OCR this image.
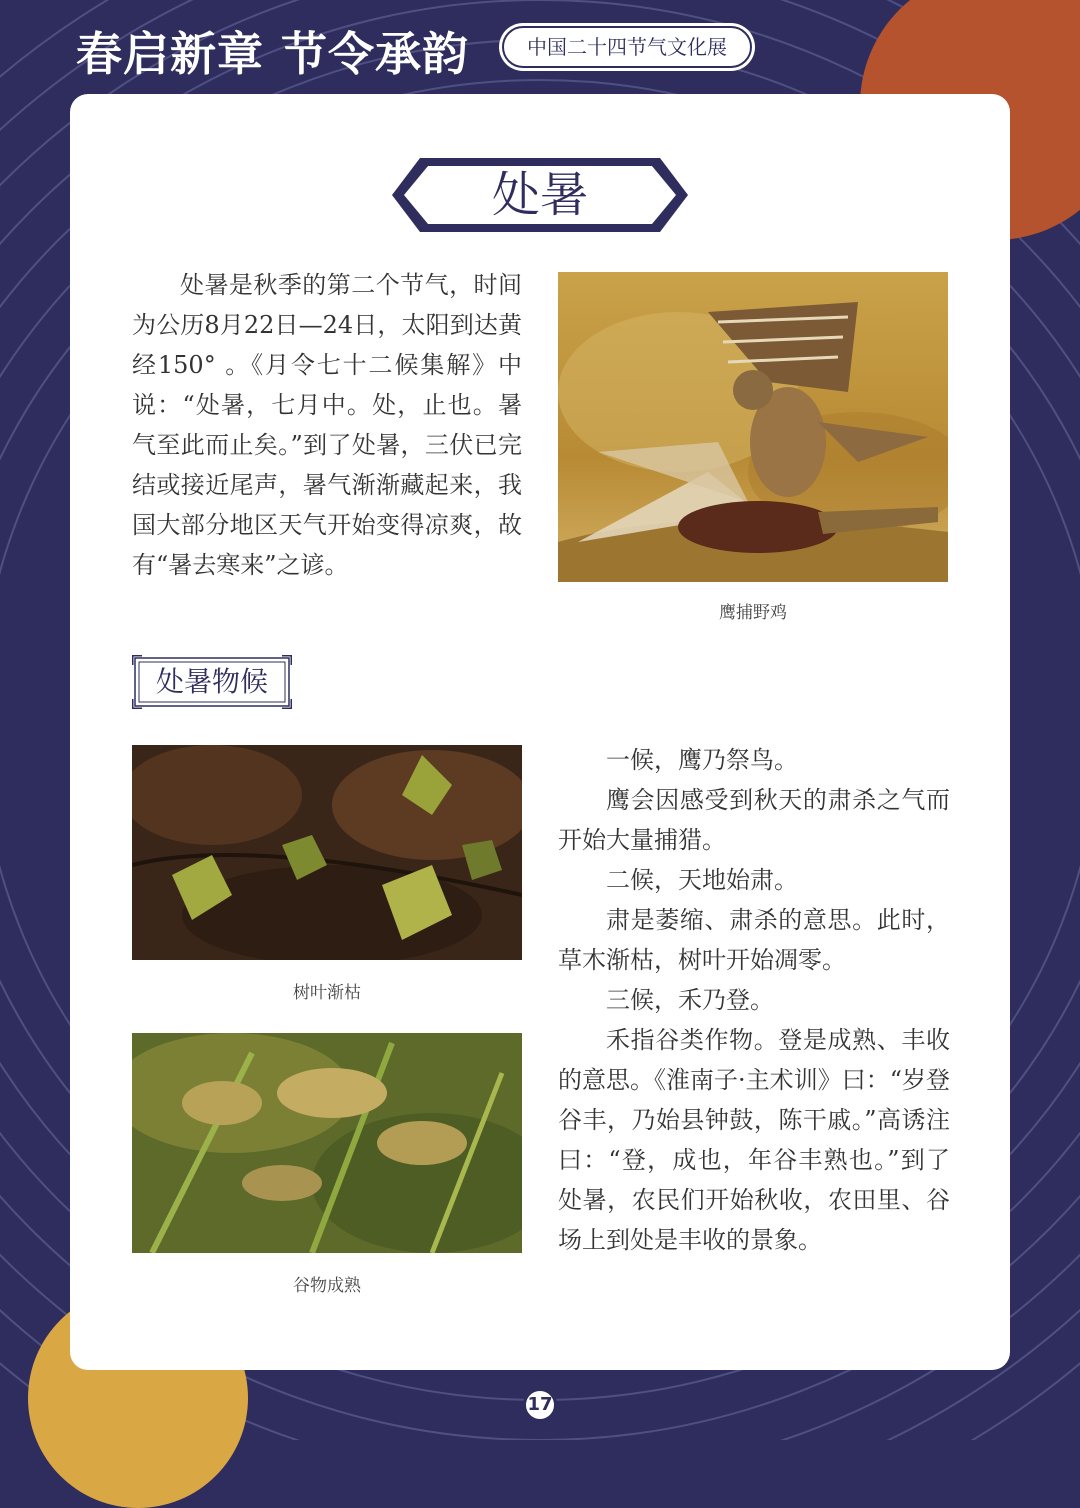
春启新章 节令承韵	中国二十四节气文化展
处暑

处暑是秋季的第二个节气，时间为公历8月22日—24日，太阳到达黄经150° 。《月令七十二候集解》中说：“处暑，七月中。处，止也。暑气至此而止矣。”到了处暑，三伏已完结或接近尾声，暑气渐渐藏起来，我国大部分地区天气开始变得凉爽，故有“暑去寒来”之谚。

鹰捕野鸡
处暑物候
树叶渐枯
谷物成熟

一候，鹰乃祭鸟。

鹰会因感受到秋天的肃杀之气而开始大量捕猎。

二候，天地始肃。

肃是萎缩、肃杀的意思。此时，草木渐枯，树叶开始凋零。

三候，禾乃登。

禾指谷类作物。登是成熟、丰收的意思。《淮南子·主术训》曰：“岁登谷丰，乃始县钟鼓，陈干戚。”高诱注曰：“登，成也，年谷丰熟也。”到了处暑，农民们开始秋收，农田里、谷场上到处是丰收的景象。

17
